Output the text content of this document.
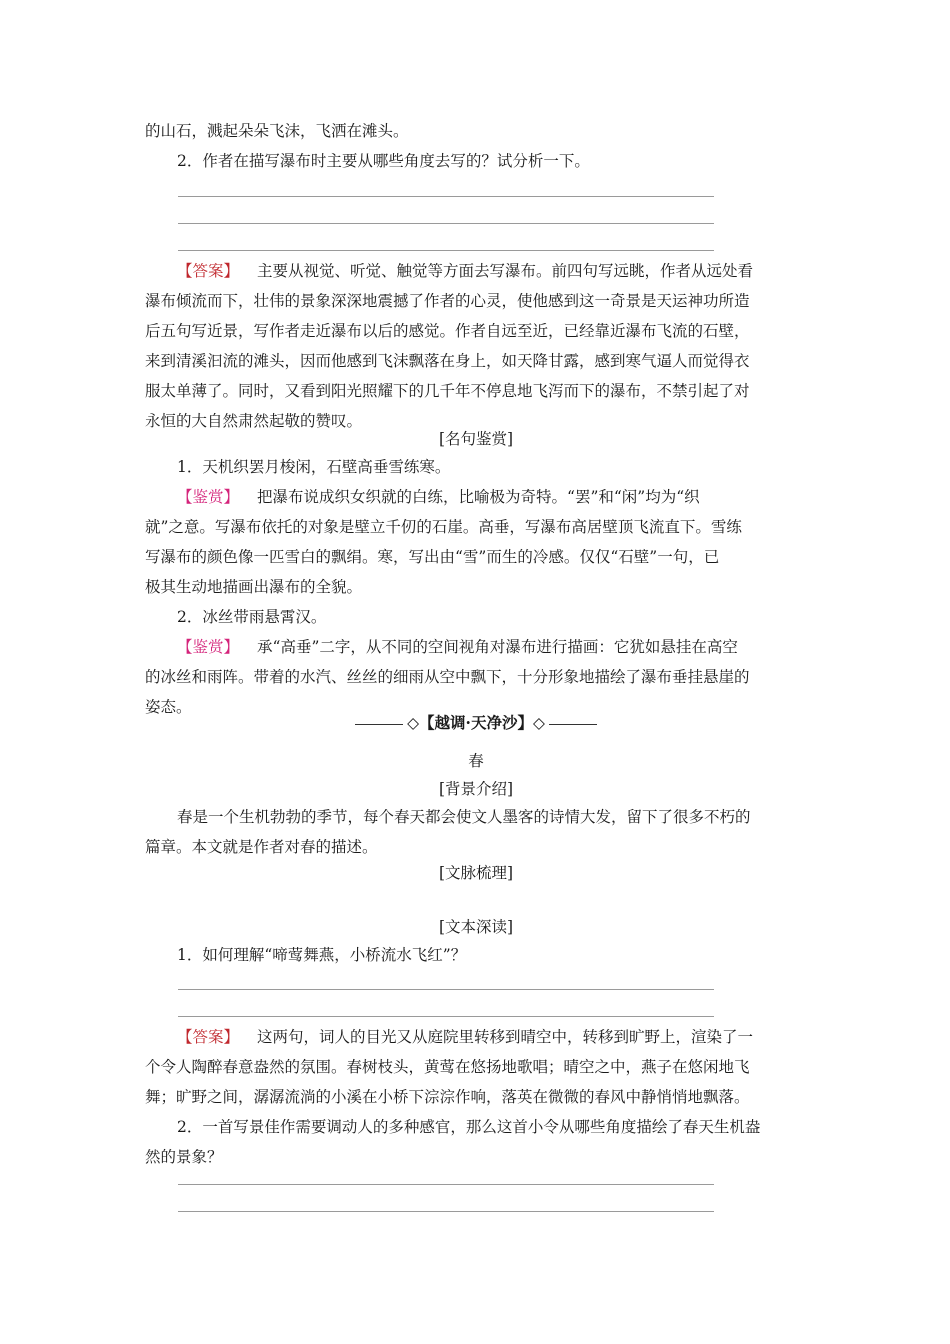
的山石，溅起朵朵飞沫，飞洒在滩头。
2．作者在描写瀑布时主要从哪些角度去写的？试分析一下。
【答案】 主要从视觉、听觉、触觉等方面去写瀑布。前四句写远眺，作者从远处看
瀑布倾流而下，壮伟的景象深深地震撼了作者的心灵，使他感到这一奇景是天运神功所造
后五句写近景，写作者走近瀑布以后的感觉。作者自远至近，已经靠近瀑布飞流的石壁，
来到清溪汩流的滩头，因而他感到飞沫飘落在身上，如天降甘露，感到寒气逼人而觉得衣
服太单薄了。同时，又看到阳光照耀下的几千年不停息地飞泻而下的瀑布，不禁引起了对
永恒的大自然肃然起敬的赞叹。
[名句鉴赏]
1．天机织罢月梭闲，石壁高垂雪练寒。
【鉴赏】 把瀑布说成织女织就的白练，比喻极为奇特。“罢”和“闲”均为“织
就”之意。写瀑布依托的对象是壁立千仞的石崖。高垂，写瀑布高居壁顶飞流直下。雪练
写瀑布的颜色像一匹雪白的飘绢。寒，写出由“雪”而生的冷感。仅仅“石壁”一句，已
极其生动地描画出瀑布的全貌。
2．冰丝带雨悬霄汉。
【鉴赏】 承“高垂”二字，从不同的空间视角对瀑布进行描画：它犹如悬挂在高空
的冰丝和雨阵。带着的水汽、丝丝的细雨从空中飘下，十分形象地描绘了瀑布垂挂悬崖的
姿态。
◇【越调·天净沙】◇
春
[背景介绍]
春是一个生机勃勃的季节，每个春天都会使文人墨客的诗情大发，留下了很多不朽的
篇章。本文就是作者对春的描述。
[文脉梳理]
[文本深读]
1．如何理解“啼莺舞燕，小桥流水飞红”？
【答案】 这两句，词人的目光又从庭院里转移到晴空中，转移到旷野上，渲染了一
个令人陶醉春意盎然的氛围。春树枝头，黄莺在悠扬地歌唱；晴空之中，燕子在悠闲地飞
舞；旷野之间，潺潺流淌的小溪在小桥下淙淙作响，落英在微微的春风中静悄悄地飘落。
2．一首写景佳作需要调动人的多种感官，那么这首小令从哪些角度描绘了春天生机盎
然的景象？
